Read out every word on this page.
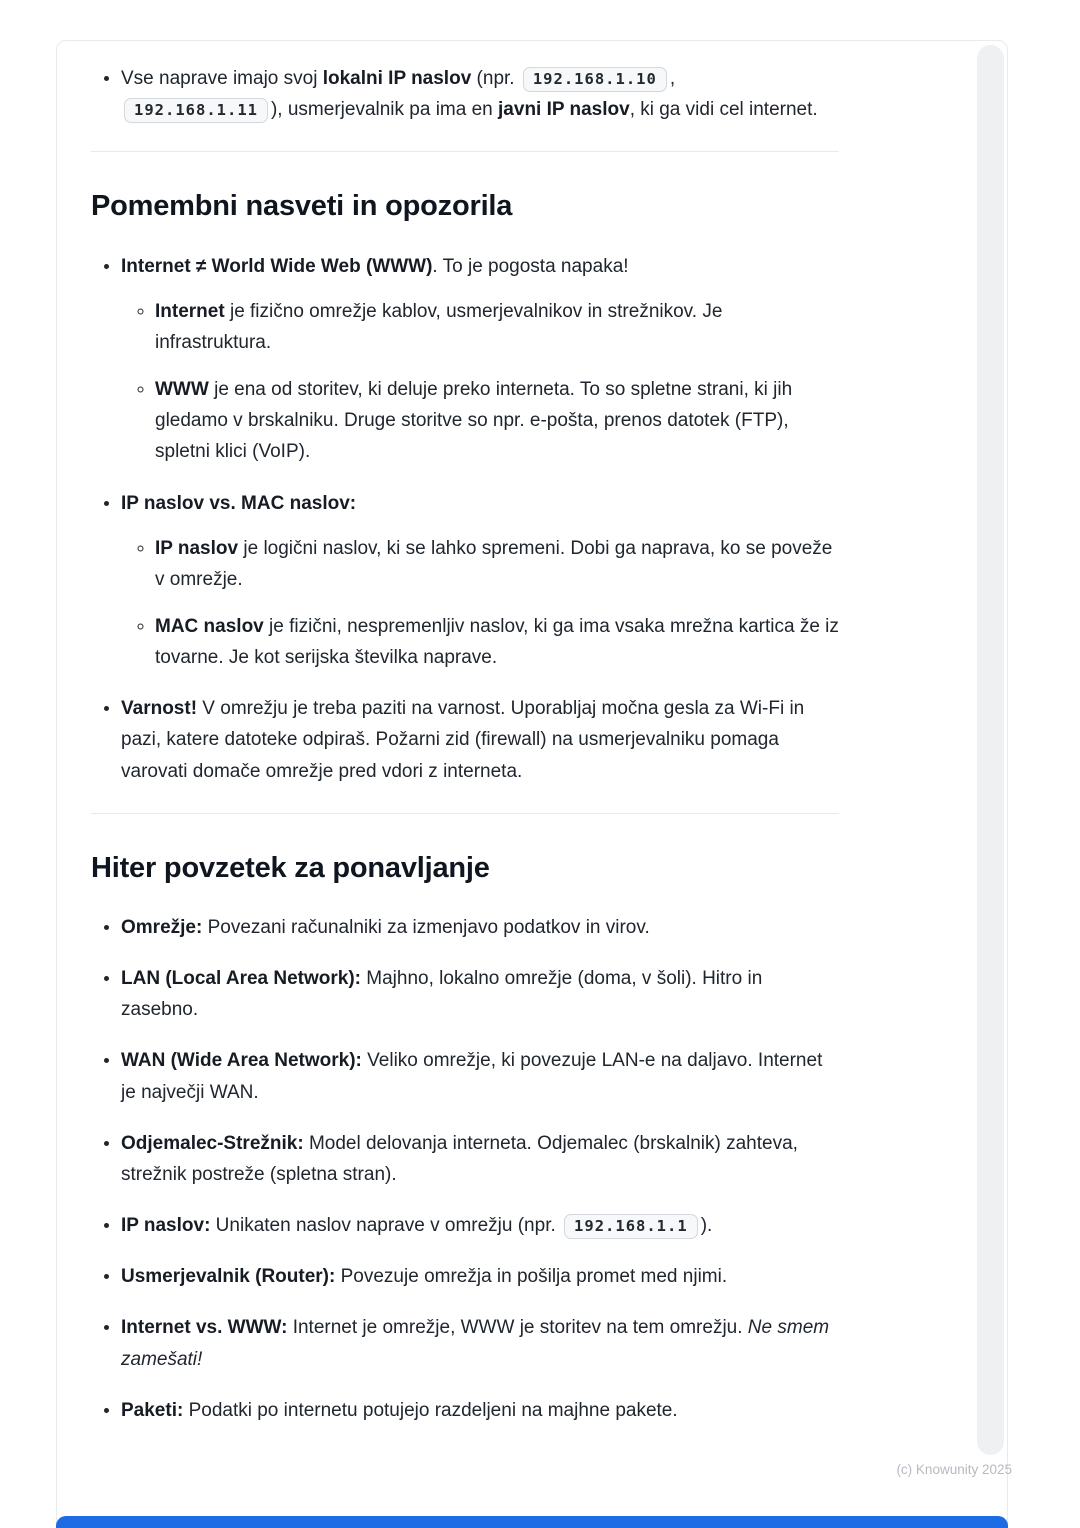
• Vse naprave imajo svoj lokalni IP naslov (npr. 192.168.1.10 , 192.168.1.11 ), usmerjevalnik pa ima en javni IP naslov, ki ga vidi cel internet.
Pomembni nasveti in opozorila
• Internet ≠ World Wide Web (WWW). To je pogosta napaka!
◦ Internet je fizično omrežje kablov, usmerjevalnikov in strežnikov. Je infrastruktura.
◦ WWW je ena od storitev, ki deluje preko interneta. To so spletne strani, ki jih gledamo v brskalniku. Druge storitve so npr. e-pošta, prenos datotek (FTP), spletni klici (VoIP).
• IP naslov vs. MAC naslov:
◦ IP naslov je logični naslov, ki se lahko spremeni. Dobi ga naprava, ko se poveže v omrežje.
◦ MAC naslov je fizični, nespremenljiv naslov, ki ga ima vsaka mrežna kartica že iz tovarne. Je kot serijska številka naprave.
• Varnost! V omrežju je treba paziti na varnost. Uporabljaj močna gesla za Wi-Fi in pazi, katere datoteke odpiraš. Požarni zid (firewall) na usmerjevalniku pomaga varovati domače omrežje pred vdori z interneta.
Hiter povzetek za ponavljanje
• Omrežje: Povezani računalniki za izmenjavo podatkov in virov.
• LAN (Local Area Network): Majhno, lokalno omrežje (doma, v šoli). Hitro in zasebno.
• WAN (Wide Area Network): Veliko omrežje, ki povezuje LAN-e na daljavo. Internet je največji WAN.
• Odjemalec-Strežnik: Model delovanja interneta. Odjemalec (brskalnik) zahteva, strežnik postreže (spletna stran).
• IP naslov: Unikaten naslov naprave v omrežju (npr. 192.168.1.1 ).
• Usmerjevalnik (Router): Povezuje omrežja in pošilja promet med njimi.
• Internet vs. WWW: Internet je omrežje, WWW je storitev na tem omrežju. Ne smem zamešati!
• Paketi: Podatki po internetu potujejo razdeljeni na majhne pakete.
(c) Knowunity 2025
